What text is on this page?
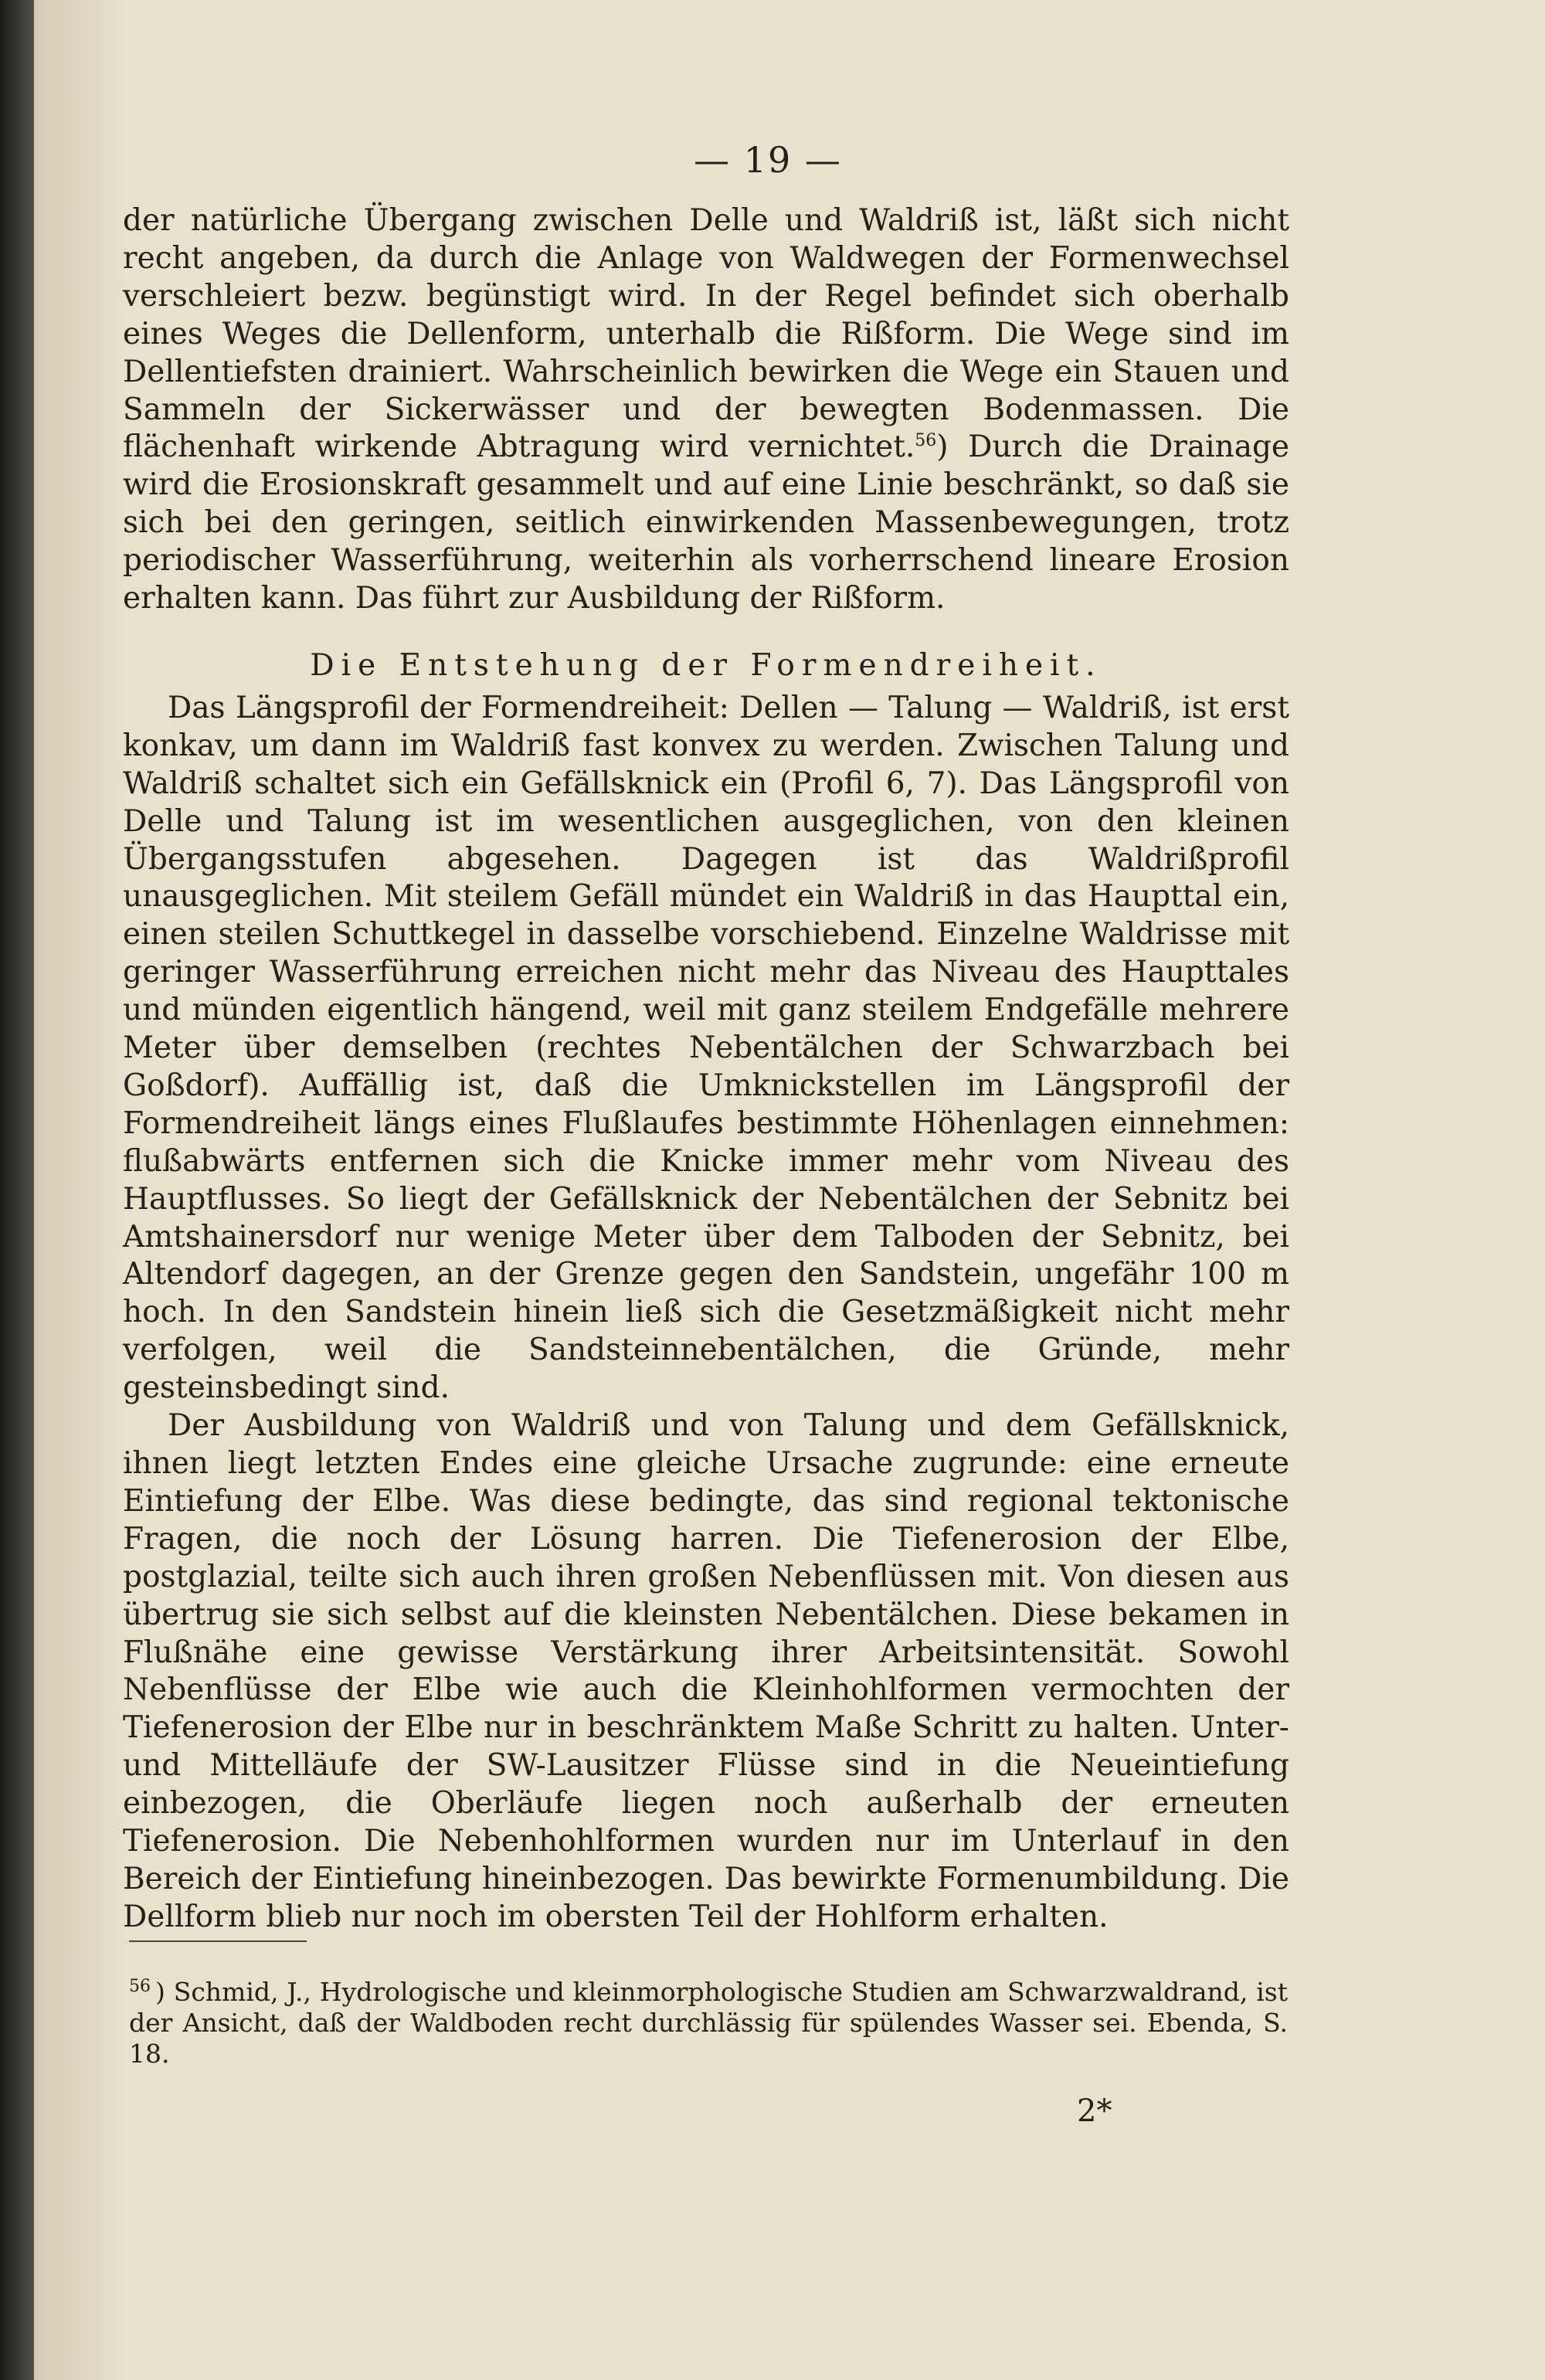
— 19 —

der natürliche Übergang zwischen Delle und Waldriß ist, läßt sich nicht recht angeben, da durch die Anlage von Waldwegen der Formenwechsel verschleiert bezw. begünstigt wird. In der Regel befindet sich oberhalb eines Weges die Dellenform, unterhalb die Rißform. Die Wege sind im Dellentiefsten drainiert. Wahrscheinlich bewirken die Wege ein Stauen und Sammeln der Sickerwässer und der bewegten Bodenmassen. Die flächenhaft wirkende Abtragung wird vernichtet.$^{56}$) Durch die Drainage wird die Erosionskraft gesammelt und auf eine Linie beschränkt, so daß sie sich bei den geringen, seitlich einwirkenden Massenbewegungen, trotz periodischer Wasserführung, weiterhin als vorherrschend lineare Erosion erhalten kann. Das führt zur Ausbildung der Rißform.

Die Entstehung der Formendreiheit.

Das Längsprofil der Formendreiheit: Dellen — Talung — Waldriß, ist erst konkav, um dann im Waldriß fast konvex zu werden. Zwischen Talung und Waldriß schaltet sich ein Gefällsknick ein (Profil 6, 7). Das Längsprofil von Delle und Talung ist im wesentlichen ausgeglichen, von den kleinen Übergangsstufen abgesehen. Dagegen ist das Waldrißprofil unausgeglichen. Mit steilem Gefäll mündet ein Waldriß in das Haupttal ein, einen steilen Schuttkegel in dasselbe vorschiebend. Einzelne Waldrisse mit geringer Wasserführung erreichen nicht mehr das Niveau des Haupttales und münden eigentlich hängend, weil mit ganz steilem Endgefälle mehrere Meter über demselben (rechtes Nebentälchen der Schwarzbach bei Goßdorf). Auffällig ist, daß die Umknickstellen im Längsprofil der Formendreiheit längs eines Flußlaufes bestimmte Höhenlagen einnehmen: flußabwärts entfernen sich die Knicke immer mehr vom Niveau des Hauptflusses. So liegt der Gefällsknick der Nebentälchen der Sebnitz bei Amtshainersdorf nur wenige Meter über dem Talboden der Sebnitz, bei Altendorf dagegen, an der Grenze gegen den Sandstein, ungefähr 100 m hoch. In den Sandstein hinein ließ sich die Gesetzmäßigkeit nicht mehr verfolgen, weil die Sandsteinnebentälchen, die Gründe, mehr gesteinsbedingt sind.

Der Ausbildung von Waldriß und von Talung und dem Gefällsknick, ihnen liegt letzten Endes eine gleiche Ursache zugrunde: eine erneute Eintiefung der Elbe. Was diese bedingte, das sind regional tektonische Fragen, die noch der Lösung harren. Die Tiefenerosion der Elbe, postglazial, teilte sich auch ihren großen Nebenflüssen mit. Von diesen aus übertrug sie sich selbst auf die kleinsten Nebentälchen. Diese bekamen in Flußnähe eine gewisse Verstärkung ihrer Arbeitsintensität. Sowohl Nebenflüsse der Elbe wie auch die Kleinhohlformen vermochten der Tiefenerosion der Elbe nur in beschränktem Maße Schritt zu halten. Unter- und Mittelläufe der SW-Lausitzer Flüsse sind in die Neueintiefung einbezogen, die Oberläufe liegen noch außerhalb der erneuten Tiefenerosion. Die Nebenhohlformen wurden nur im Unterlauf in den Bereich der Eintiefung hineinbezogen. Das bewirkte Formenumbildung. Die Dellform blieb nur noch im obersten Teil der Hohlform erhalten.

$^{56}$ ) Schmid, J., Hydrologische und kleinmorphologische Studien am Schwarzwaldrand, ist der Ansicht, daß der Waldboden recht durchlässig für spülendes Wasser sei. Ebenda, S. 18.
2*
